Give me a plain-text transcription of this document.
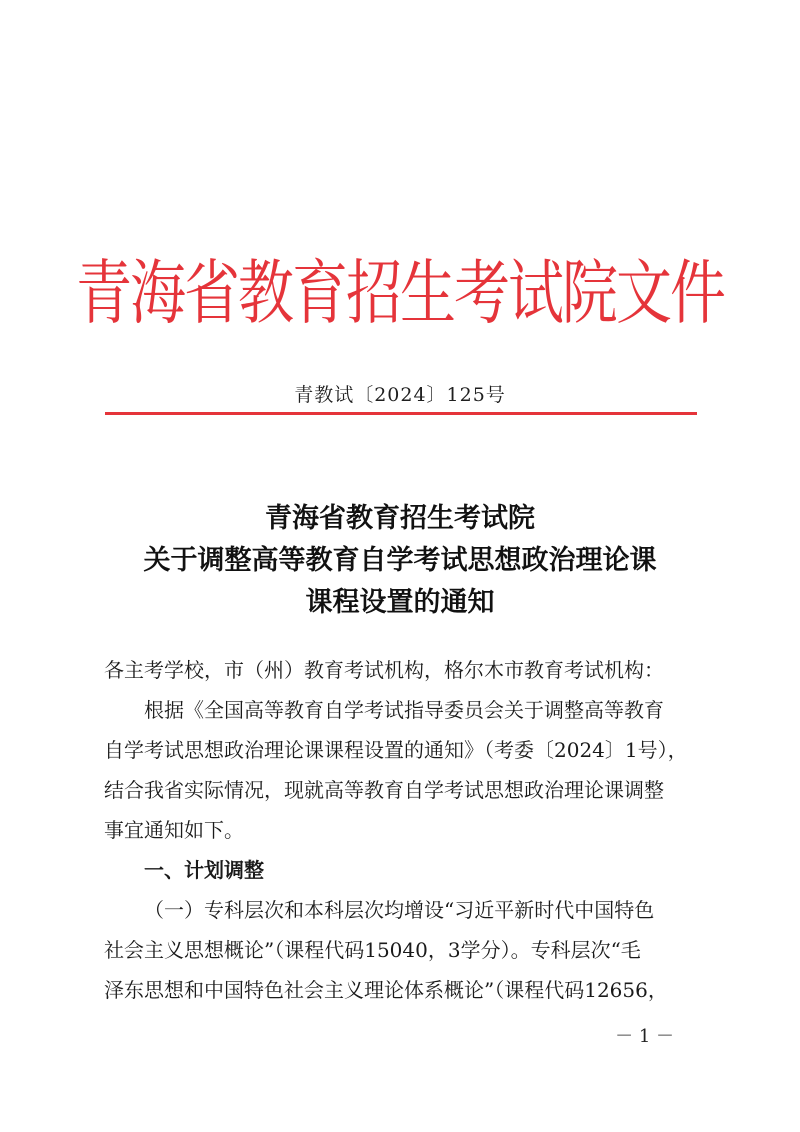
青海省教育招生考试院文件
青教试〔2024〕125号
青海省教育招生考试院
关于调整高等教育自学考试思想政治理论课
课程设置的通知
各主考学校，市（州）教育考试机构，格尔木市教育考试机构：
根据《全国高等教育自学考试指导委员会关于调整高等教育
自学考试思想政治理论课课程设置的通知》（考委〔2024〕1号），
结合我省实际情况，现就高等教育自学考试思想政治理论课调整
事宜通知如下。
一、计划调整
（一）专科层次和本科层次均增设“习近平新时代中国特色
社会主义思想概论”（课程代码15040，3学分）。专科层次“毛
泽东思想和中国特色社会主义理论体系概论”（课程代码12656，
－ 1 －
